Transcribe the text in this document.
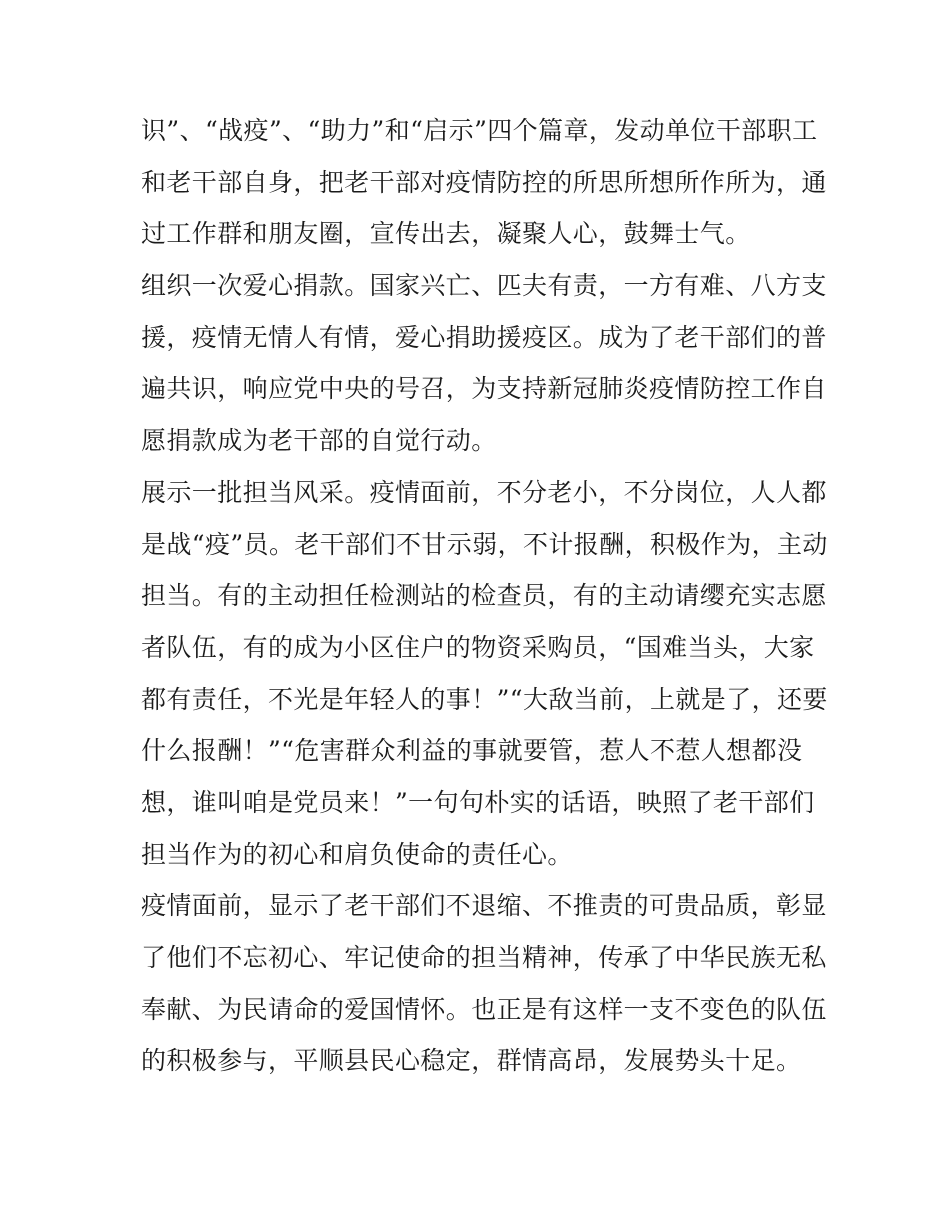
识”、“战疫”、“助力”和“启示”四个篇章，发动单位干部职工
和老干部自身，把老干部对疫情防控的所思所想所作所为，通
过工作群和朋友圈，宣传出去，凝聚人心，鼓舞士气。
组织一次爱心捐款。国家兴亡、匹夫有责，一方有难、八方支
援，疫情无情人有情，爱心捐助援疫区。成为了老干部们的普
遍共识，响应党中央的号召，为支持新冠肺炎疫情防控工作自
愿捐款成为老干部的自觉行动。
展示一批担当风采。疫情面前，不分老小，不分岗位，人人都
是战“疫”员。老干部们不甘示弱，不计报酬，积极作为，主动
担当。有的主动担任检测站的检查员，有的主动请缨充实志愿
者队伍，有的成为小区住户的物资采购员，“国难当头，大家
都有责任，不光是年轻人的事！”“大敌当前，上就是了，还要
什么报酬！”“危害群众利益的事就要管，惹人不惹人想都没
想，谁叫咱是党员来！”一句句朴实的话语，映照了老干部们
担当作为的初心和肩负使命的责任心。
疫情面前，显示了老干部们不退缩、不推责的可贵品质，彰显
了他们不忘初心、牢记使命的担当精神，传承了中华民族无私
奉献、为民请命的爱国情怀。也正是有这样一支不变色的队伍
的积极参与，平顺县民心稳定，群情高昂，发展势头十足。
